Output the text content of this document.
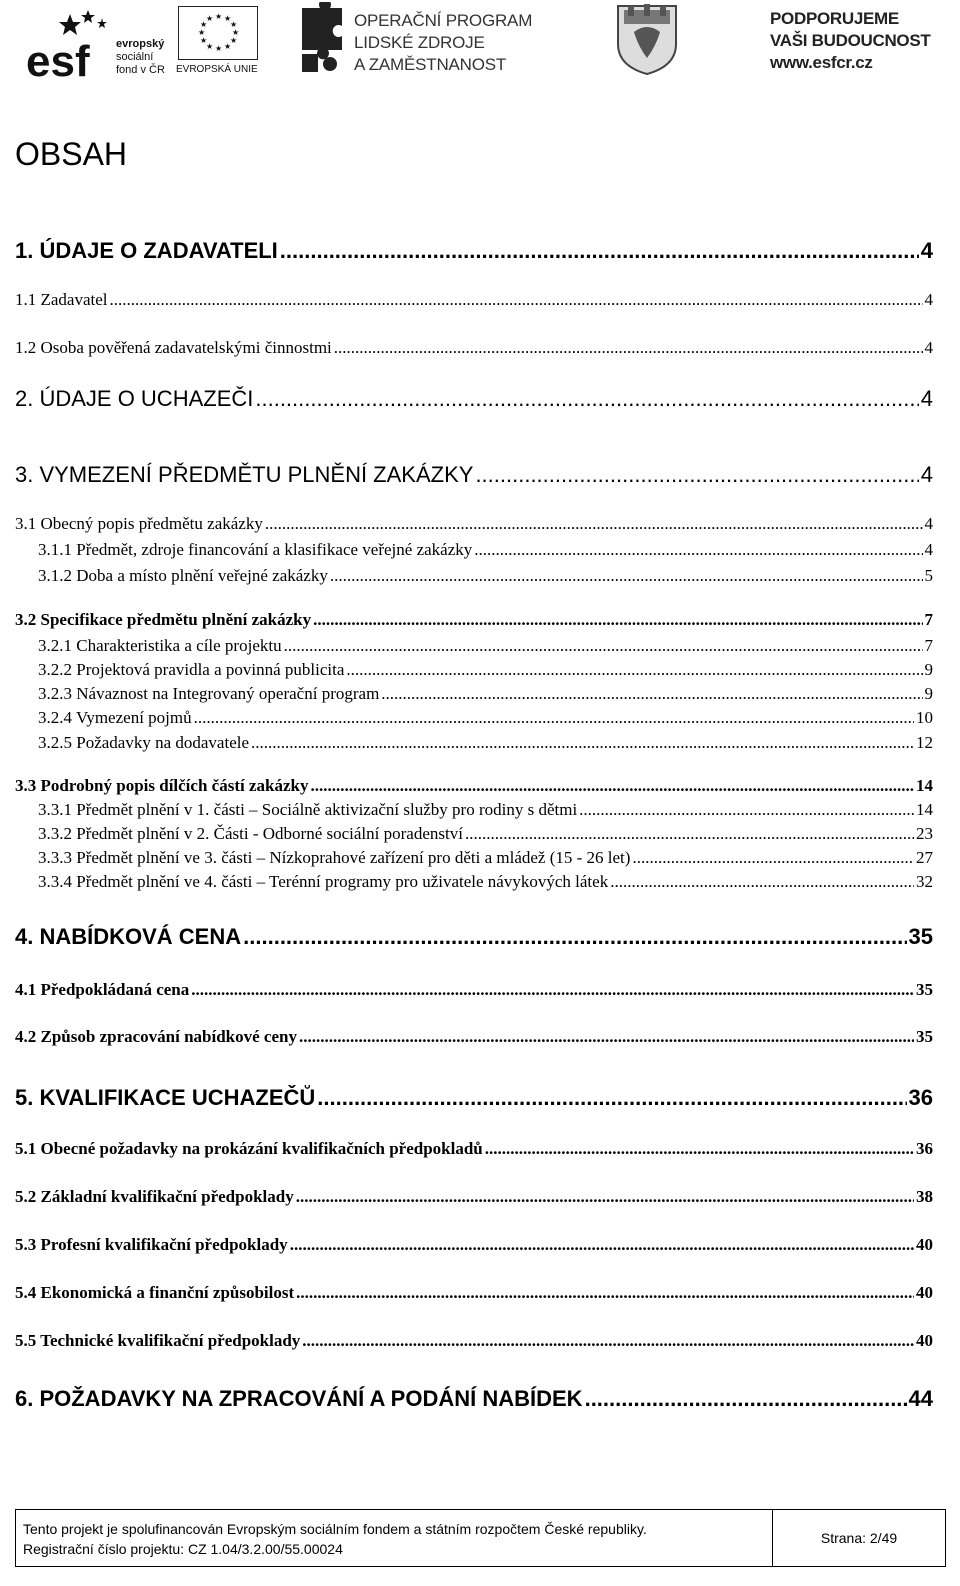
esf evropský
sociální
fond v ČR
★ ★
★
★
★
★
★
★
★
★
★
★
EVROPSKÁ UNIE
OPERAČNÍ PROGRAM
LIDSKÉ ZDROJE
A ZAMĚSTNANOST
PODPORUJEME
VAŠI BUDOUCNOST
www.esfcr.cz
OBSAH
1. ÚDAJE O ZADAVATELI .....	4
1.1 Zadavatel .....	4
1.2 Osoba pověřená zadavatelskými činnostmi .....	4
2. ÚDAJE O UCHAZEČI .....	4
3. VYMEZENÍ PŘEDMĚTU PLNĚNÍ ZAKÁZKY .....	4
3.1 Obecný popis předmětu zakázky .....	4
3.1.1 Předmět, zdroje financování a klasifikace veřejné zakázky .....	4
3.1.2 Doba a místo plnění veřejné zakázky .....	5
3.2 Specifikace předmětu plnění zakázky .....	7
3.2.1 Charakteristika a cíle projektu .....	7
3.2.2 Projektová pravidla a povinná publicita .....	9
3.2.3 Návaznost na Integrovaný operační program .....	9
3.2.4 Vymezení pojmů .....	10
3.2.5 Požadavky na dodavatele .....	12
3.3 Podrobný popis dílčích částí zakázky .....	14
3.3.1 Předmět plnění v 1. části – Sociálně aktivizační služby pro rodiny s dětmi .....	14
3.3.2 Předmět plnění v 2. Části - Odborné sociální poradenství .....	23
3.3.3 Předmět plnění ve 3. části – Nízkoprahové zařízení pro děti a mládež (15 - 26 let) .....	27
3.3.4 Předmět plnění ve 4. části – Terénní programy pro uživatele návykových látek .....	32
4. NABÍDKOVÁ CENA .....	35
4.1 Předpokládaná cena .....	35
4.2 Způsob zpracování nabídkové ceny .....	35
5. KVALIFIKACE UCHAZEČŮ .....	36
5.1 Obecné požadavky na prokázání kvalifikačních předpokladů .....	36
5.2 Základní kvalifikační předpoklady .....	38
5.3 Profesní kvalifikační předpoklady .....	40
5.4 Ekonomická a finanční způsobilost .....	40
5.5 Technické kvalifikační předpoklady .....	40
6. POŽADAVKY NA ZPRACOVÁNÍ A PODÁNÍ NABÍDEK .....	44
Tento projekt je spolufinancován Evropským sociálním fondem a státním rozpočtem České republiky.
Registrační číslo projektu: CZ 1.04/3.2.00/55.00024
Strana: 2/49
